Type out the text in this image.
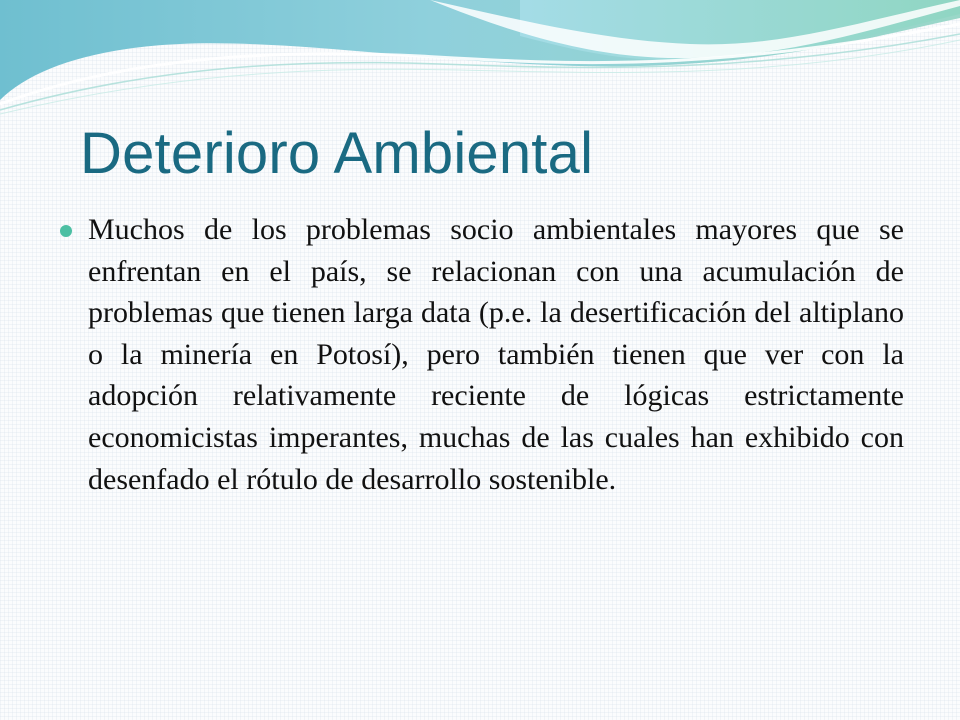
Deterioro Ambiental

Muchos de los problemas socio ambientales mayores que se enfrentan en el país, se relacionan con una acumulación de problemas que tienen larga data (p.e. la desertificación del altiplano o la minería en Potosí), pero también tienen que ver con la adopción relativamente reciente de lógicas estrictamente economicistas imperantes, muchas de las cuales han exhibido con desenfado el rótulo de desarrollo sostenible.
